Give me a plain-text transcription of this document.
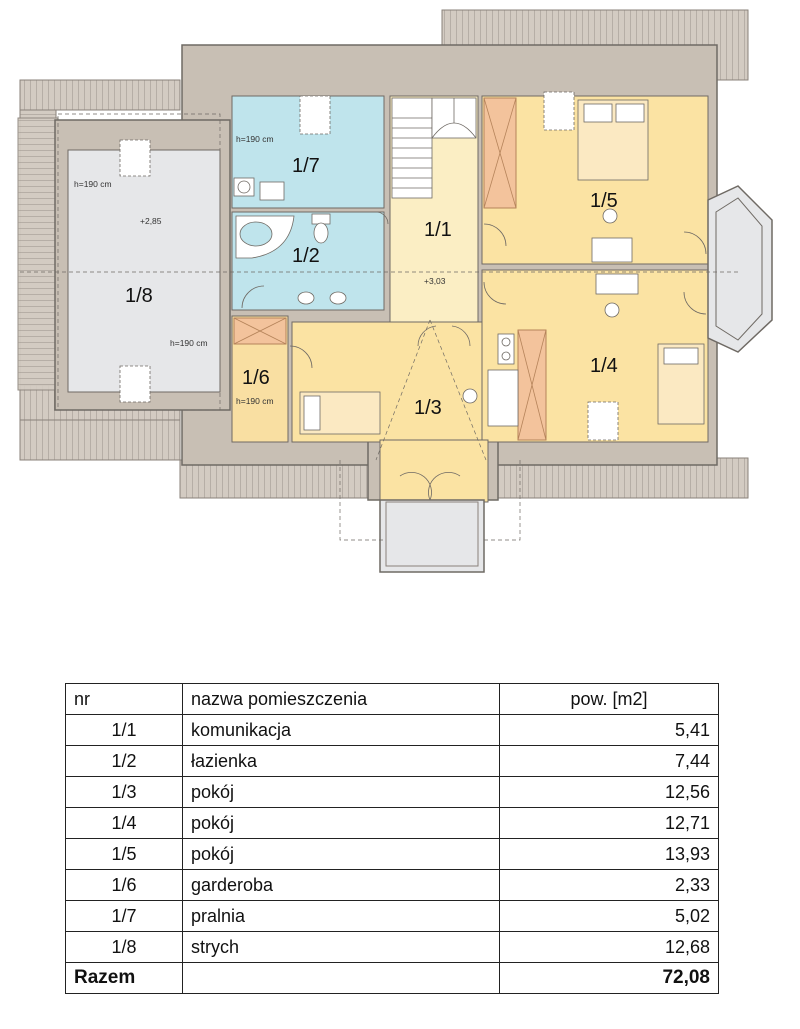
1/7
1/2
1/1
1/5
1/4
1/6
1/3
1/8
h=190 cm
h=190 cm
h=190 cm
h=190 cm
+2,85
+3,03
nr	nazwa pomieszczenia	pow. [m2]
1/1	komunikacja	5,41
1/2	łazienka	7,44
1/3	pokój	12,56
1/4	pokój	12,71
1/5	pokój	13,93
1/6	garderoba	2,33
1/7	pralnia	5,02
1/8	strych	12,68
Razem		72,08
